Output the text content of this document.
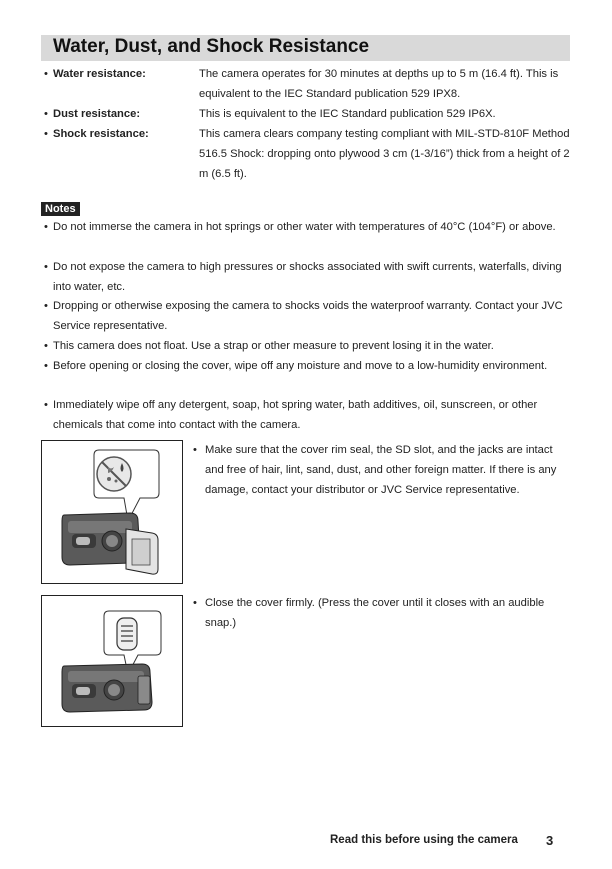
Water, Dust, and Shock Resistance
• Water resistance:	The camera operates for 30 minutes at depths up to 5 m (16.4 ft). This is equivalent to the IEC Standard publication 529 IPX8.
• Dust resistance:	This is equivalent to the IEC Standard publication 529 IP6X.
• Shock resistance:	This camera clears company testing compliant with MIL-STD-810F Method 516.5 Shock: dropping onto plywood 3 cm (1-3/16”) thick from a height of 2 m (6.5 ft).
Notes
• Do not immerse the camera in hot springs or other water with temperatures of 40°C (104°F) or above.
• Do not expose the camera to high pressures or shocks associated with swift currents, waterfalls, diving into water, etc.
• Dropping or otherwise exposing the camera to shocks voids the waterproof warranty. Contact your JVC Service representative.
• This camera does not float. Use a strap or other measure to prevent losing it in the water.
• Before opening or closing the cover, wipe off any moisture and move to a low-humidity environment.
• Immediately wipe off any detergent, soap, hot spring water, bath additives, oil, sunscreen, or other chemicals that come into contact with the camera.
• Make sure that the cover rim seal, the SD slot, and the jacks are intact and free of hair, lint, sand, dust, and other foreign matter. If there is any damage, contact your distributor or JVC Service representative.
• Close the cover firmly. (Press the cover until it closes with an audible snap.)
Read this before using the camera 3
